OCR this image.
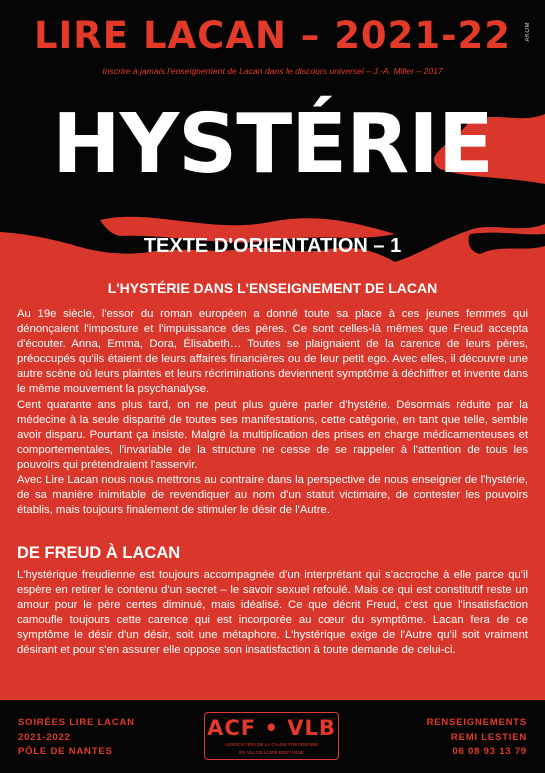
LIRE LACAN – 2021-22
Inscrire à jamais l'enseignement de Lacan dans le discours universel – J.-A. Miller – 2017
AKOM
HYSTÉRIE
TEXTE D'ORIENTATION – 1
L'HYSTÉRIE DANS L'ENSEIGNEMENT DE LACAN

Au 19e siècle, l'essor du roman européen a donné toute sa place à ces jeunes femmes qui dénonçaient l'imposture et l'impuissance des pères. Ce sont celles-là mêmes que Freud accepta d'écouter. Anna, Emma, Dora, Élisabeth… Toutes se plaignaient de la carence de leurs pères, préoccupés qu'ils étaient de leurs affaires financières ou de leur petit ego. Avec elles, il découvre une autre scène où leurs plaintes et leurs récriminations deviennent symptôme à déchiffrer et invente dans le même mouvement la psychanalyse.

Cent quarante ans plus tard, on ne peut plus guère parler d'hystérie. Désormais réduite par la médecine à la seule disparité de toutes ses manifestations, cette catégorie, en tant que telle, semble avoir disparu. Pourtant ça insiste. Malgré la multiplication des prises en charge médicamenteuses et comportementales, l'invariable de la structure ne cesse de se rappeler à l'attention de tous les pouvoirs qui prétendraient l'asservir.

Avec Lire Lacan nous nous mettrons au contraire dans la perspective de nous enseigner de l'hystérie, de sa manière inimitable de revendiquer au nom d'un statut victimaire, de contester les pouvoirs établis, mais toujours finalement de stimuler le désir de l'Autre.

DE FREUD À LACAN

L'hystérique freudienne est toujours accompagnée d'un interprétant qui s'accroche à elle parce qu'il espère en retirer le contenu d'un secret – le savoir sexuel refoulé. Mais ce qui est constitutif reste un amour pour le père certes diminué, mais idéalisé. Ce que décrit Freud, c'est que l'insatisfaction camoufle toujours cette carence qui est incorporée au cœur du symptôme. Lacan fera de ce symptôme le désir d'un désir, soit une métaphore. L'hystérique exige de l'Autre qu'il soit vraiment désirant et pour s'en assurer elle oppose son insatisfaction à toute demande de celui-ci.

SOIRÉES LIRE LACAN
2021-2022
PÔLE DE NANTES
ACF • VLB
ASSOCIATION DE LA CAUSE FREUDIENNE
EN VAL DE LOIRE BRETAGNE
RENSEIGNEMENTS
REMI LESTIEN
06 08 93 13 79
